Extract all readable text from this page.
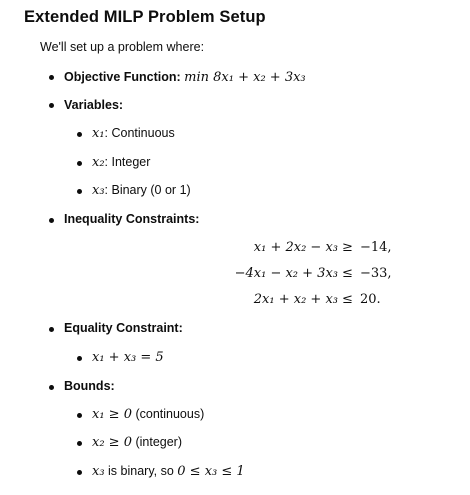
Extended MILP Problem Setup

We'll set up a problem where:

Objective Function: min 8x₁ + x₂ + 3x₃
Variables:
x₁: Continuous
x₂: Integer
x₃: Binary (0 or 1)
Inequality Constraints:
x₁ + 2x₂ − x₃ ≥ −14,
−4x₁ − x₂ + 3x₃ ≤ −33,
2x₁ + x₂ + x₃ ≤ 20.
Equality Constraint:
x₁ + x₃ = 5
Bounds:
x₁ ≥ 0 (continuous)
x₂ ≥ 0 (integer)
x₃ is binary, so 0 ≤ x₃ ≤ 1
